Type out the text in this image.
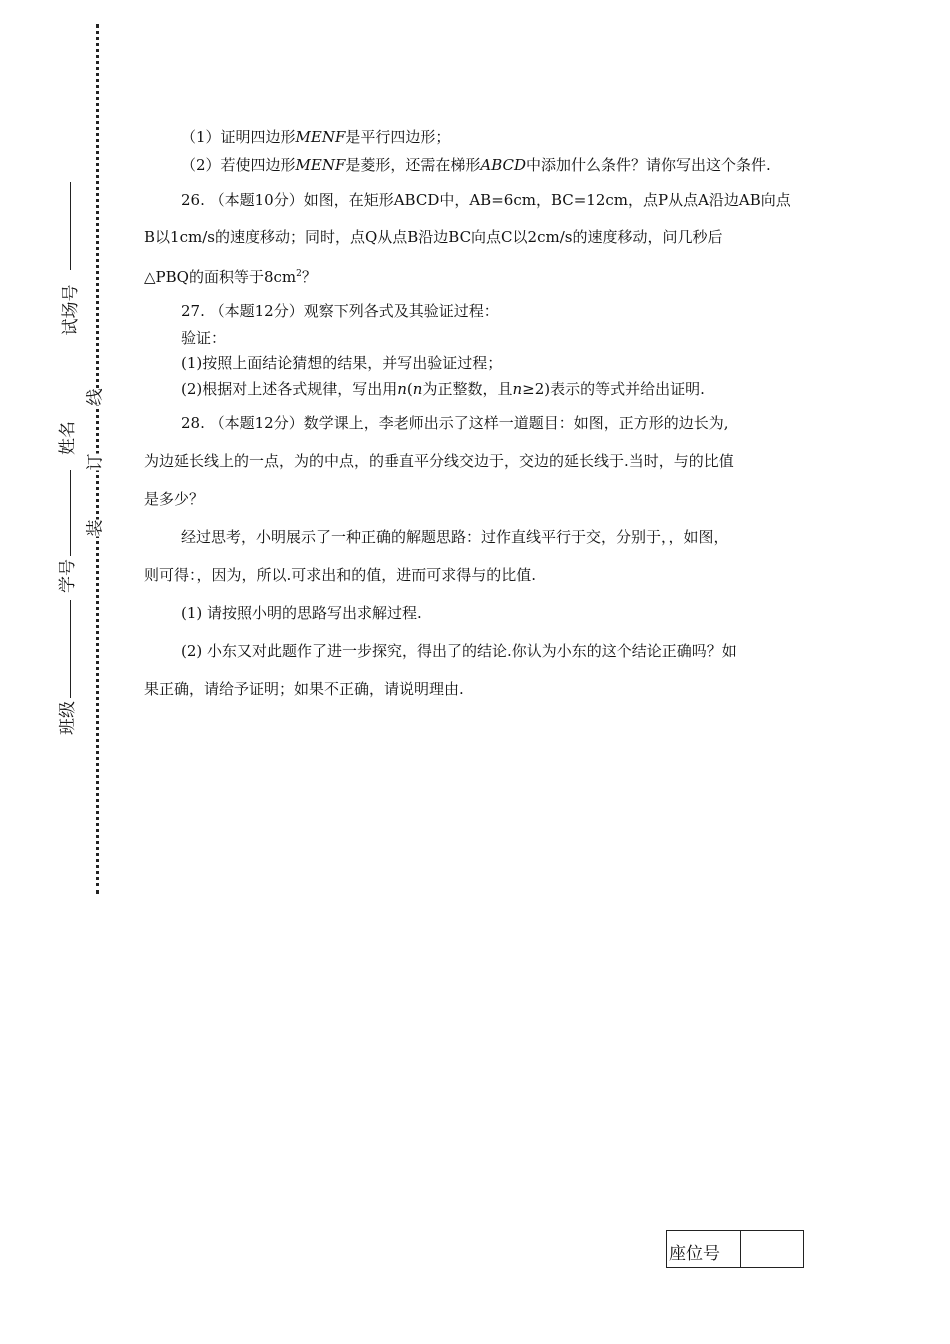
试场号
姓名
学号
班级
线
订
装

（1）证明四边形MENF是平行四边形；

（2）若使四边形MENF是菱形，还需在梯形ABCD中添加什么条件？请你写出这个条件.

26. （本题10分）如图，在矩形ABCD中，AB=6cm，BC=12cm，点P从点A沿边AB向点

B以1cm/s的速度移动；同时，点Q从点B沿边BC向点C以2cm/s的速度移动，问几秒后

△PBQ的面积等于$8cm^2$？

27. （本题12分）观察下列各式及其验证过程：

验证：

(1)按照上面结论猜想的结果，并写出验证过程；

(2)根据对上述各式规律，写出用n(n为正整数，且n≥2)表示的等式并给出证明.

28. （本题12分）数学课上，李老师出示了这样一道题目：如图，正方形的边长为,

为边延长线上的一点，为的中点，的垂直平分线交边于，交边的延长线于.当时，与的比值

是多少？

经过思考，小明展示了一种正确的解题思路：过作直线平行于交，分别于，，如图，

则可得：，因为，所以.可求出和的值，进而可求得与的比值.

(1) 请按照小明的思路写出求解过程.

(2) 小东又对此题作了进一步探究，得出了的结论.你认为小东的这个结论正确吗？如

果正确，请给予证明；如果不正确，请说明理由.

座位号
